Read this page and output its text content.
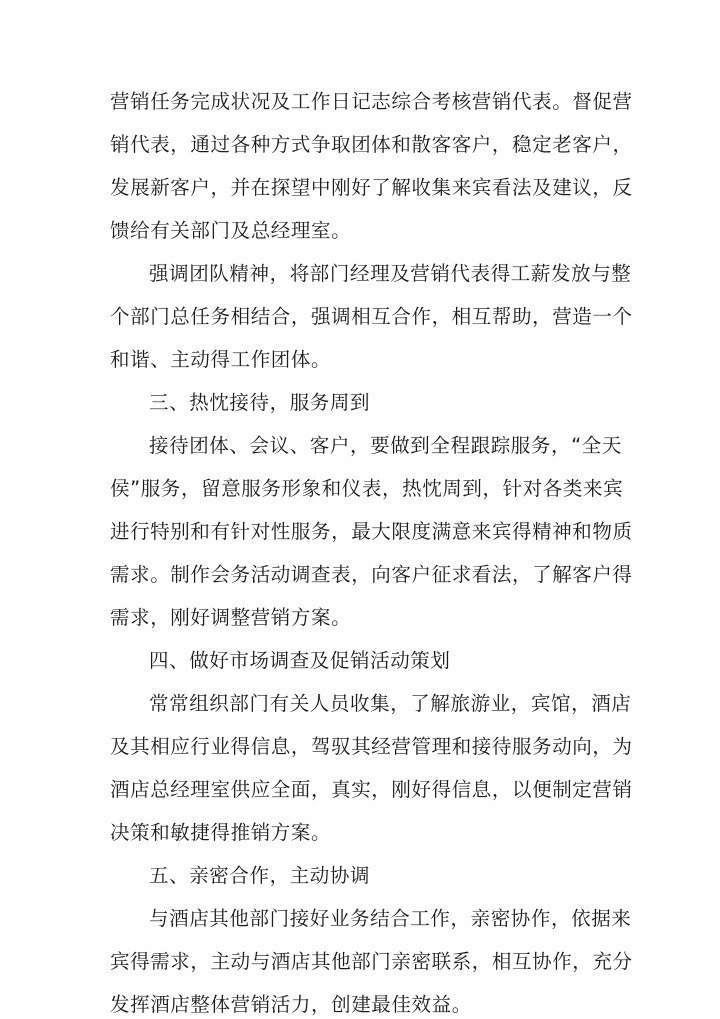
营销任务完成状况及工作日记志综合考核营销代表。督促营
销代表，通过各种方式争取团体和散客客户，稳定老客户，
发展新客户，并在探望中刚好了解收集来宾看法及建议，反
馈给有关部门及总经理室。
强调团队精神，将部门经理及营销代表得工薪发放与整
个部门总任务相结合，强调相互合作，相互帮助，营造一个
和谐、主动得工作团体。
三、热忱接待，服务周到
接待团体、会议、客户，要做到全程跟踪服务，“全天
侯”服务，留意服务形象和仪表，热忱周到，针对各类来宾
进行特别和有针对性服务，最大限度满意来宾得精神和物质
需求。制作会务活动调查表，向客户征求看法，了解客户得
需求，刚好调整营销方案。
四、做好市场调查及促销活动策划
常常组织部门有关人员收集，了解旅游业，宾馆，酒店
及其相应行业得信息，驾驭其经营管理和接待服务动向，为
酒店总经理室供应全面，真实，刚好得信息，以便制定营销
决策和敏捷得推销方案。
五、亲密合作，主动协调
与酒店其他部门接好业务结合工作，亲密协作，依据来
宾得需求，主动与酒店其他部门亲密联系，相互协作，充分
发挥酒店整体营销活力，创建最佳效益。
